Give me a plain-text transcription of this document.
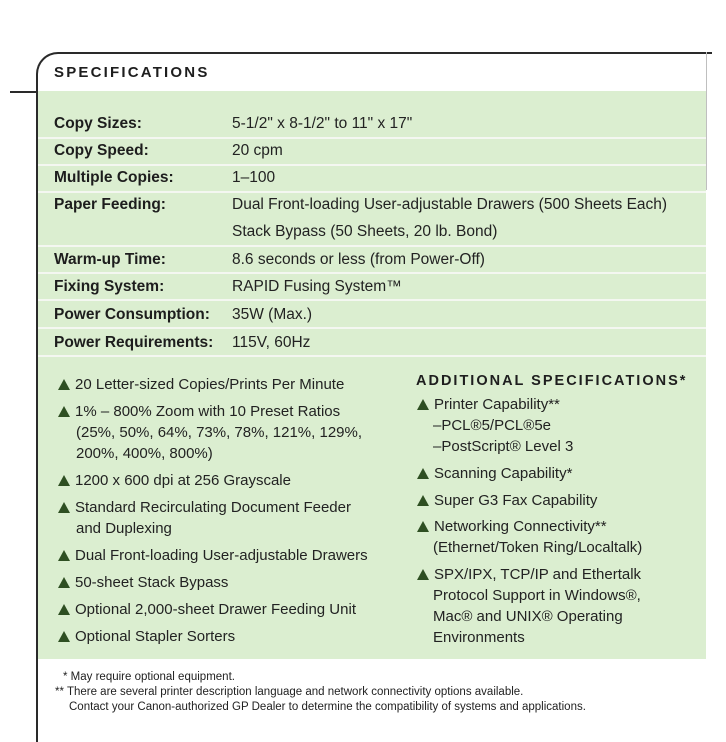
SPECIFICATIONS
Copy Sizes:	5-1/2" x 8-1/2" to 11" x 17"
Copy Speed:	20 cpm
Multiple Copies:	1–100
Paper Feeding:	Dual Front-loading User-adjustable Drawers (500 Sheets Each)
Stack Bypass (50 Sheets, 20 lb. Bond)
Warm-up Time:	8.6 seconds or less (from Power-Off)
Fixing System:	RAPID Fusing System™
Power Consumption: 35W (Max.)
Power Requirements: 115V, 60Hz
20 Letter-sized Copies/Prints Per Minute
1% – 800% Zoom with 10 Preset Ratios
(25%, 50%, 64%, 73%, 78%, 121%, 129%,
200%, 400%, 800%)
1200 x 600 dpi at 256 Grayscale
Standard Recirculating Document Feeder
and Duplexing
Dual Front-loading User-adjustable Drawers
50-sheet Stack Bypass
Optional 2,000-sheet Drawer Feeding Unit
Optional Stapler Sorters
ADDITIONAL SPECIFICATIONS*
Printer Capability**
–PCL®5/PCL®5e
–PostScript® Level 3
Scanning Capability*
Super G3 Fax Capability
Networking Connectivity**
(Ethernet/Token Ring/Localtalk)
SPX/IPX, TCP/IP and Ethertalk
Protocol Support in Windows®,
Mac® and UNIX® Operating
Environments
* May require optional equipment.
** There are several printer description language and network connectivity options available.
Contact your Canon-authorized GP Dealer to determine the compatibility of systems and applications.
